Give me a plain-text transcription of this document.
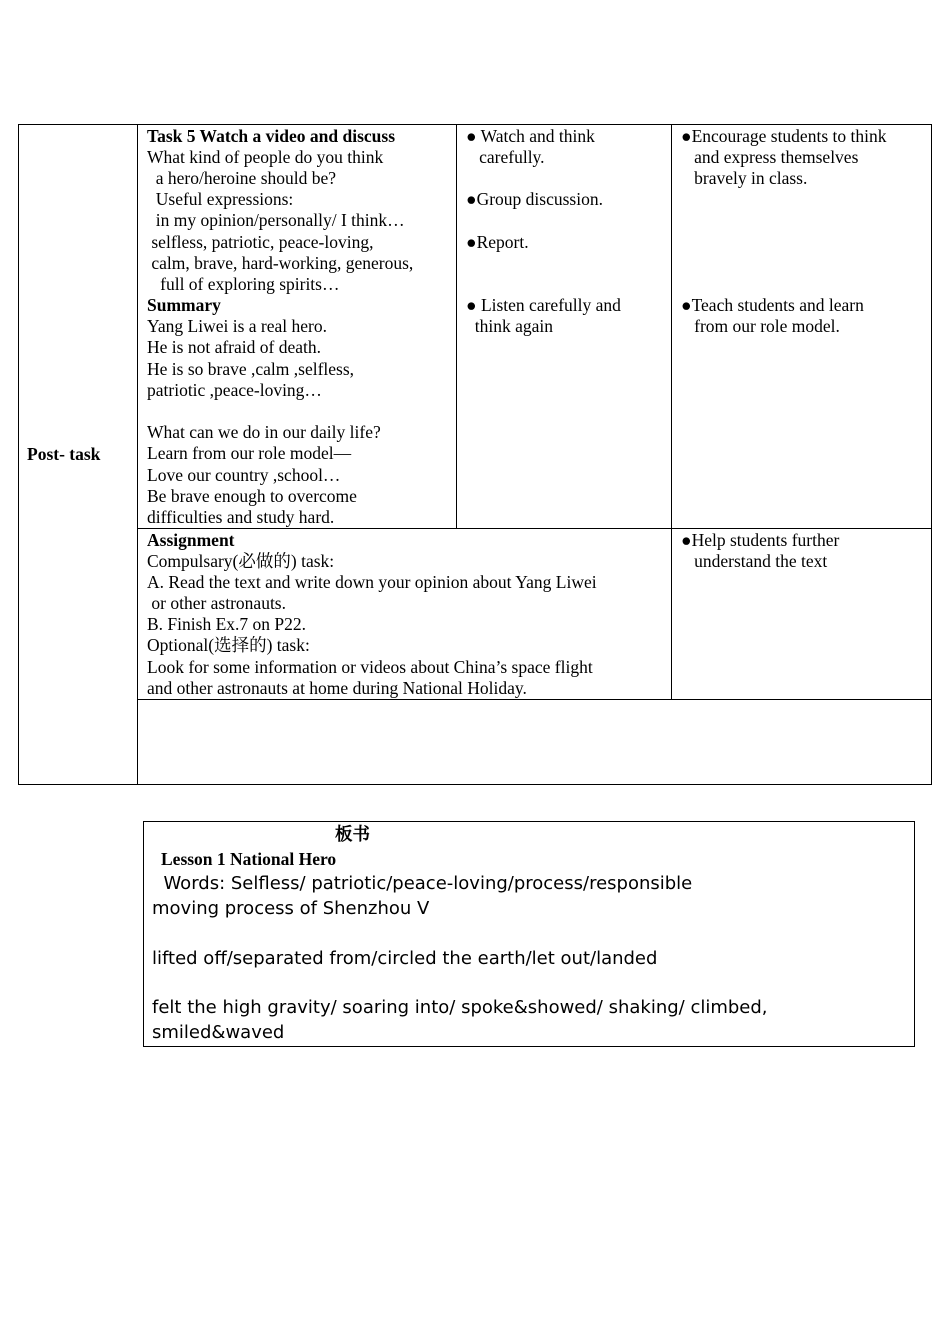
Post- task
Task 5 Watch a video and discuss
What kind of people do you think
a hero/heroine should be?
Useful expressions:
in my opinion/personally/ I think…
selfless, patriotic, peace-loving,
calm, brave, hard-working, generous,
full of exploring spirits…
Summary
Yang Liwei is a real hero.
He is not afraid of death.
He is so brave ,calm ,selfless,
patriotic ,peace-loving…
What can we do in our daily life?
Learn from our role model—
Love our country ,school…
Be brave enough to overcome
difficulties and study hard.
● Watch and think
carefully.
●Group discussion.
●Report.
● Listen carefully and
think again
●Encourage students to think
and express themselves
bravely in class.
●Teach students and learn
from our role model.
Assignment
Compulsary(必做的) task:
A. Read the text and write down your opinion about Yang Liwei
or other astronauts.
B. Finish Ex.7 on P22.
Optional(选择的) task:
Look for some information or videos about China’s space flight
and other astronauts at home during National Holiday.
●Help students further
understand the text
板书
Lesson 1 National Hero
Words: Selfless/ patriotic/peace-loving/process/responsible
moving process of Shenzhou V
lifted off/separated from/circled the earth/let out/landed
felt the high gravity/ soaring into/ spoke&showed/ shaking/ climbed,
smiled&waved
